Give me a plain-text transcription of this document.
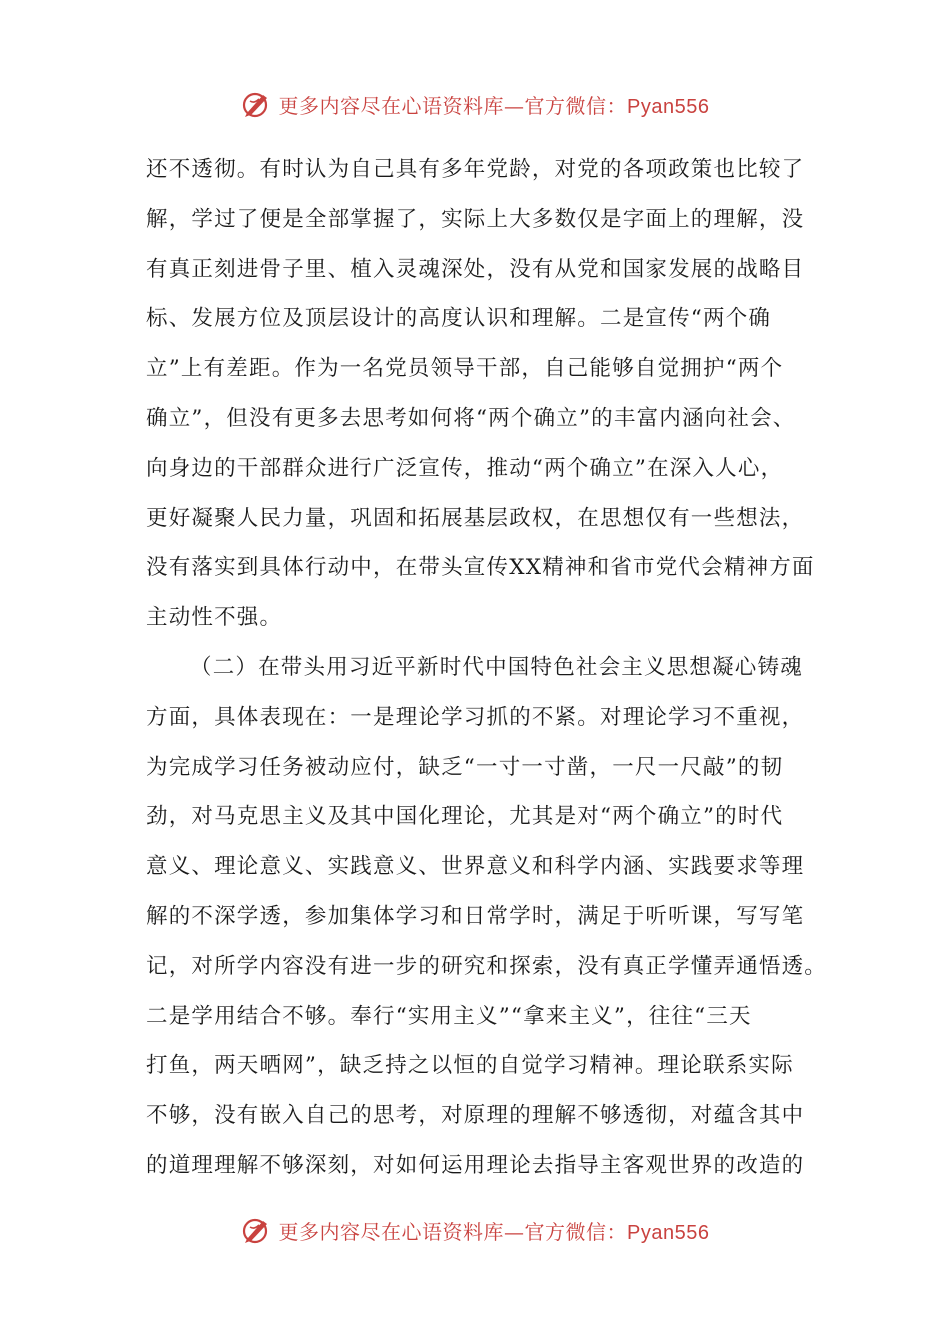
更多内容尽在心语资料库—官方微信：Pyan556
还不透彻。有时认为自己具有多年党龄，对党的各项政策也比较了
解，学过了便是全部掌握了，实际上大多数仅是字面上的理解，没
有真正刻进骨子里、植入灵魂深处，没有从党和国家发展的战略目
标、发展方位及顶层设计的高度认识和理解。二是宣传“两个确
立”上有差距。作为一名党员领导干部，自己能够自觉拥护“两个
确立”，但没有更多去思考如何将“两个确立”的丰富内涵向社会、
向身边的干部群众进行广泛宣传，推动“两个确立”在深入人心，
更好凝聚人民力量，巩固和拓展基层政权，在思想仅有一些想法，
没有落实到具体行动中，在带头宣传XX精神和省市党代会精神方面
主动性不强。
（二）在带头用习近平新时代中国特色社会主义思想凝心铸魂
方面，具体表现在：一是理论学习抓的不紧。对理论学习不重视，
为完成学习任务被动应付，缺乏“一寸一寸凿，一尺一尺敲”的韧
劲，对马克思主义及其中国化理论，尤其是对“两个确立”的时代
意义、理论意义、实践意义、世界意义和科学内涵、实践要求等理
解的不深学透，参加集体学习和日常学时，满足于听听课，写写笔
记，对所学内容没有进一步的研究和探索，没有真正学懂弄通悟透。
二是学用结合不够。奉行“实用主义”“拿来主义”，往往“三天
打鱼，两天晒网”，缺乏持之以恒的自觉学习精神。理论联系实际
不够，没有嵌入自己的思考，对原理的理解不够透彻，对蕴含其中
的道理理解不够深刻，对如何运用理论去指导主客观世界的改造的
更多内容尽在心语资料库—官方微信：Pyan556
